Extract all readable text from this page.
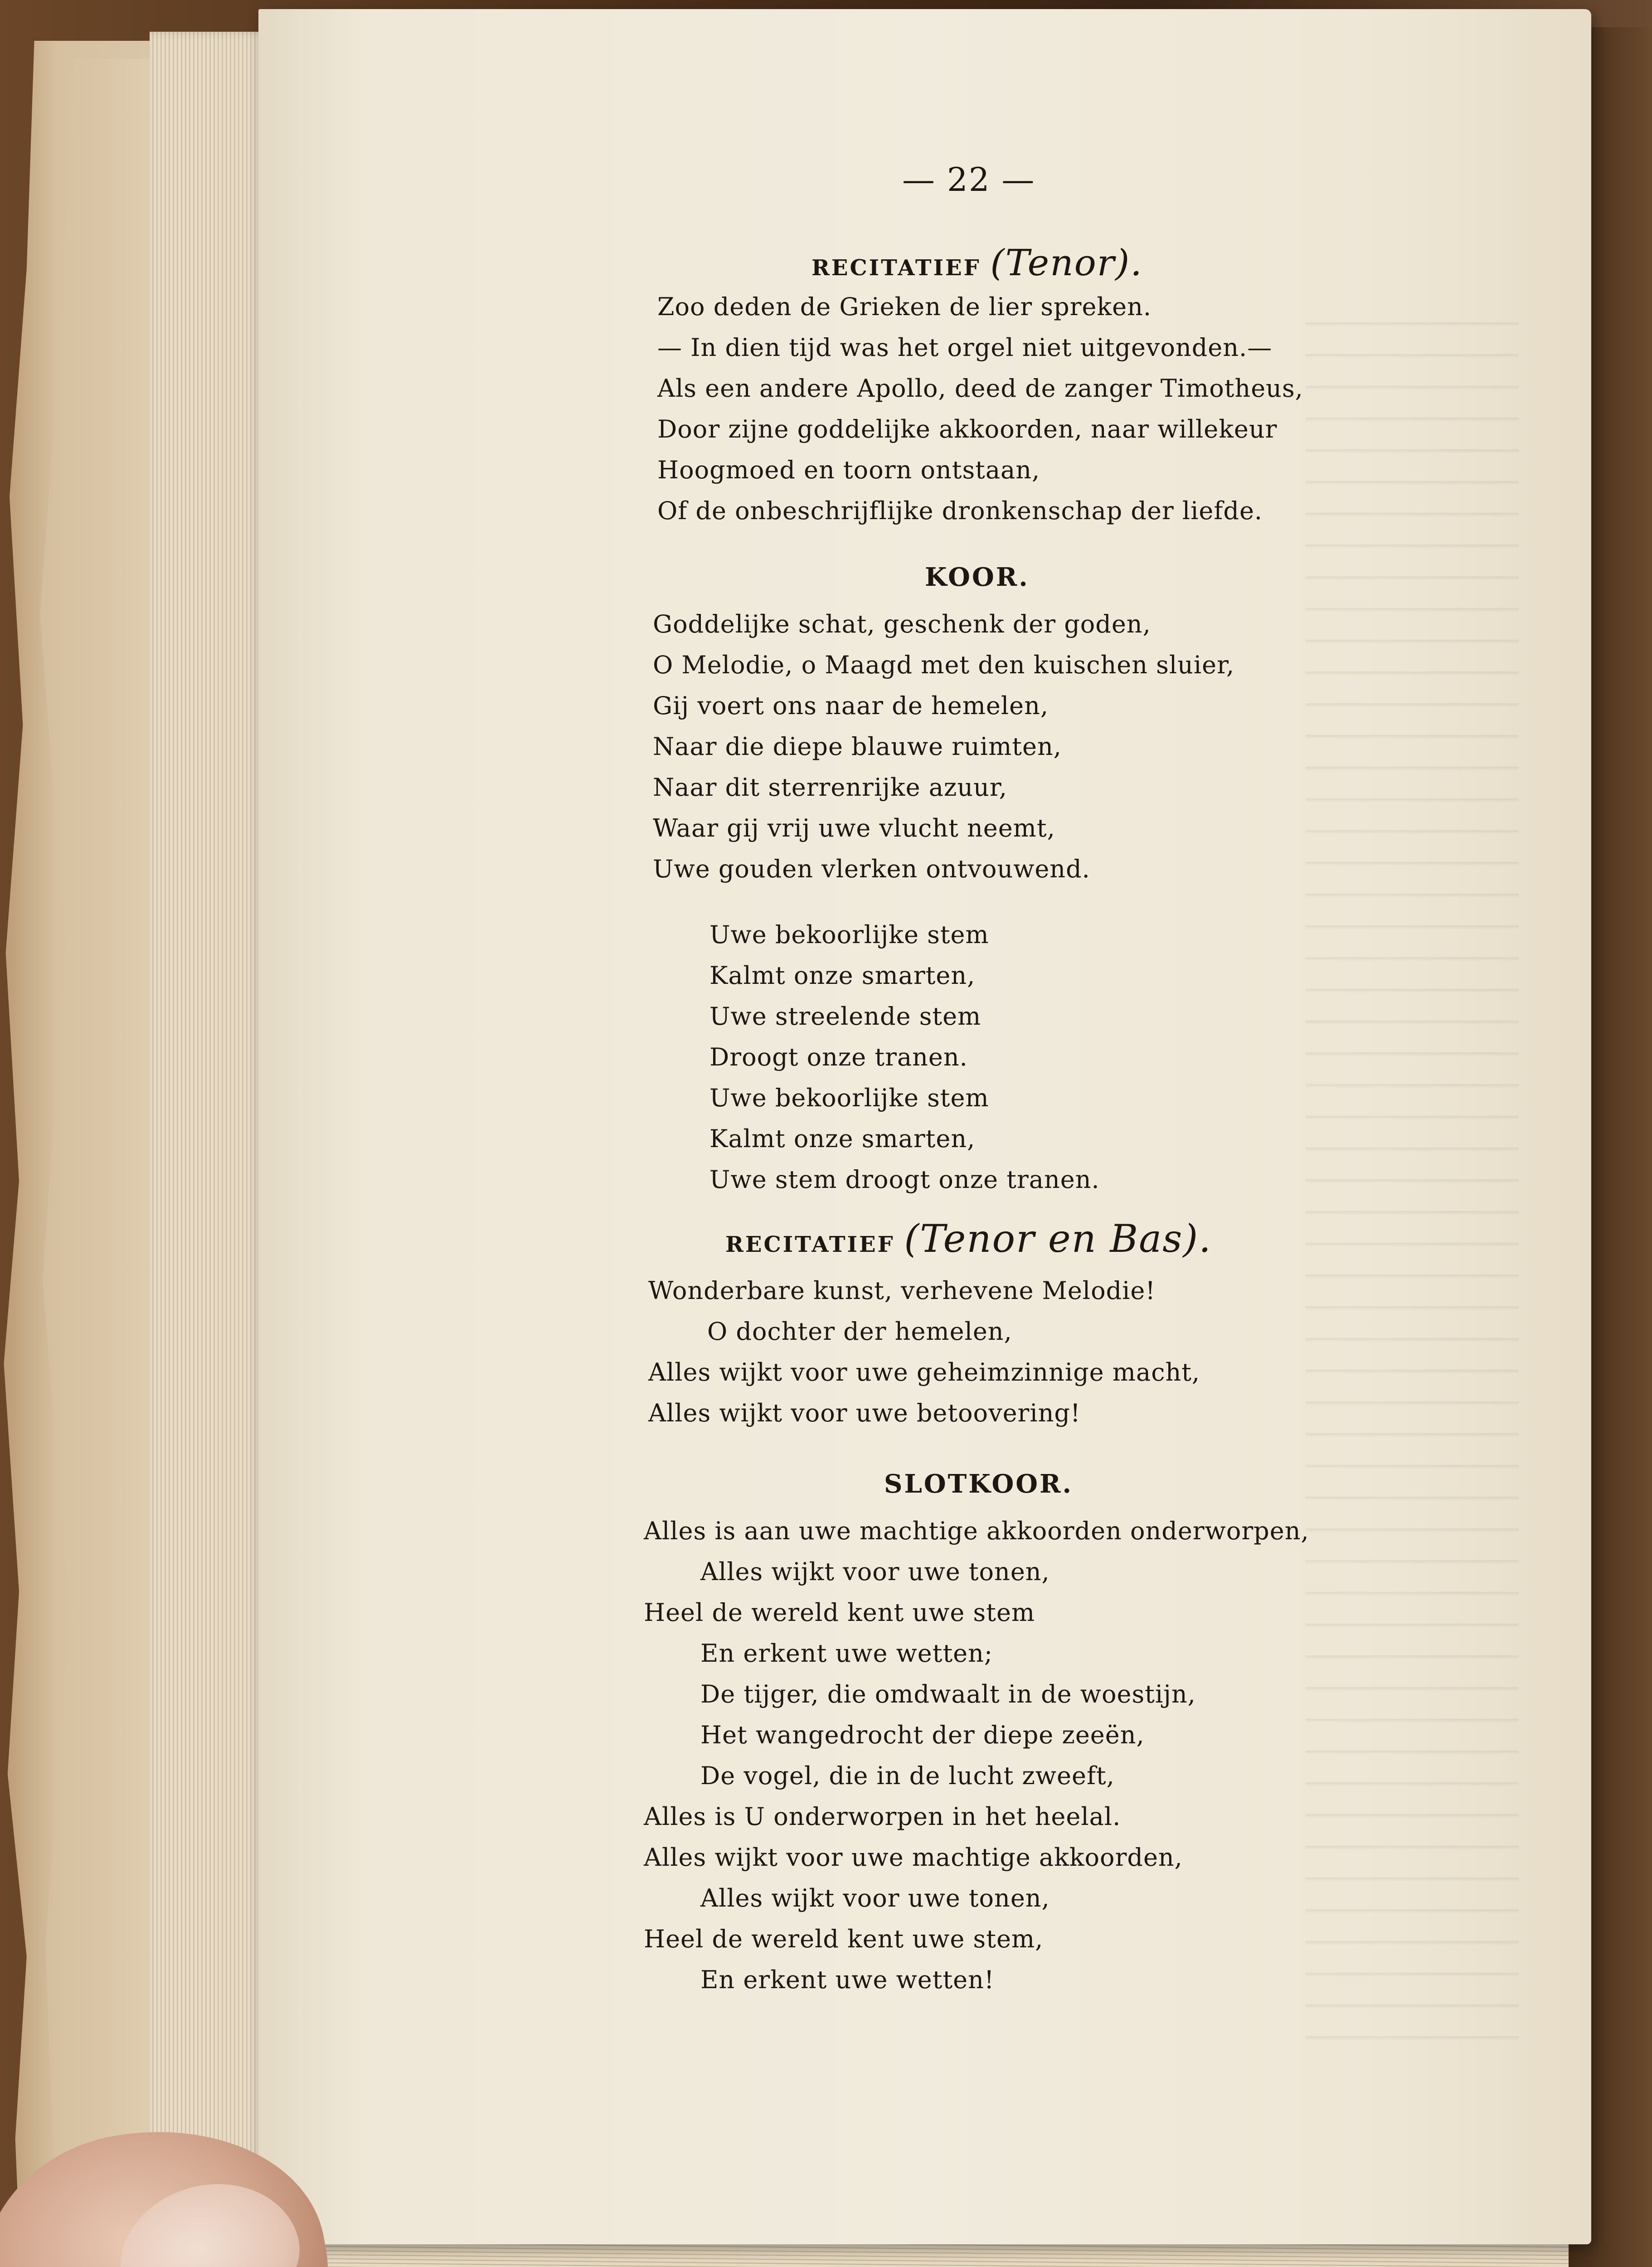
— 22 —
RECITATIEF (Tenor).
Zoo deden de Grieken de lier spreken.
— In dien tijd was het orgel niet uitgevonden.—
Als een andere Apollo, deed de zanger Timotheus,
Door zijne goddelijke akkoorden, naar willekeur
Hoogmoed en toorn ontstaan,
Of de onbeschrijflijke dronkenschap der liefde.
KOOR.
Goddelijke schat, geschenk der goden,
O Melodie, o Maagd met den kuischen sluier,
Gij voert ons naar de hemelen,
Naar die diepe blauwe ruimten,
Naar dit sterrenrijke azuur,
Waar gij vrij uwe vlucht neemt,
Uwe gouden vlerken ontvouwend.
Uwe bekoorlijke stem
Kalmt onze smarten,
Uwe streelende stem
Droogt onze tranen.
Uwe bekoorlijke stem
Kalmt onze smarten,
Uwe stem droogt onze tranen.
RECITATIEF (Tenor en Bas).
Wonderbare kunst, verhevene Melodie!
O dochter der hemelen,
Alles wijkt voor uwe geheimzinnige macht,
Alles wijkt voor uwe betoovering!
SLOTKOOR.
Alles is aan uwe machtige akkoorden onderworpen,
Alles wijkt voor uwe tonen,
Heel de wereld kent uwe stem
En erkent uwe wetten;
De tijger, die omdwaalt in de woestijn,
Het wangedrocht der diepe zeeën,
De vogel, die in de lucht zweeft,
Alles is U onderworpen in het heelal.
Alles wijkt voor uwe machtige akkoorden,
Alles wijkt voor uwe tonen,
Heel de wereld kent uwe stem,
En erkent uwe wetten!
